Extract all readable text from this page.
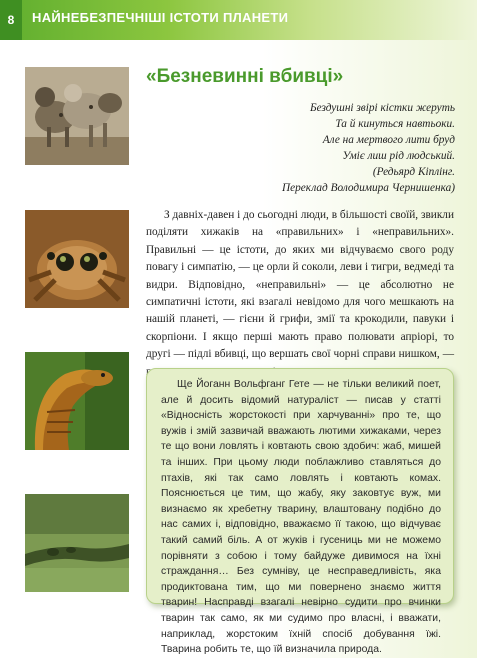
8	НАЙНЕБЕЗПЕЧНІШІ ІСТОТИ ПЛАНЕТИ
«Безневинні вбивці»
Бездушні звірі кістки жеруть
Та й кинуться навтьоки.
Але на мертвого лити бруд
Уміє лиш рід людський.
(Редьярд Кіплінг.
Переклад Володимира Чернишенка)

З давніх-давен і до сьогодні люди, в більшості своїй, звикли поділяти хижаків на «правильних» і «неправильних». Правильні — це істоти, до яких ми відчуваємо свого роду повагу і симпатію, — це орли й соколи, леви і тигри, ведмеді та видри. Відповідно, «неправильні» — це абсолютно не симпатичні істоти, які взагалі невідомо для чого мешкають на нашій планеті, — гієни й грифи, змії та крокодили, павуки і скорпіони. І якщо перші мають право полювати апріорі, то другі — підлі вбивці, що вершать свої чорні справи нишком, —

Ще Йоганн Вольфганг Гете — не тільки великий поет, але й досить відомий натураліст — писав у статті «Відносність жорстокості при харчуванні» про те, що вужів і змій зазвичай вважають лютими хижаками, через те що вони ловлять і ковтають свою здобич: жаб, мишей та інших. При цьому люди поблажливо ставляться до птахів, які так само ловлять і ковтають комах. Пояснюється це тим, що жабу, яку заковтує вуж, ми визнаємо як хребетну тварину, влаштовану подібно до нас самих і, відповідно, вважаємо її такою, що відчуває такий самий біль. А от жуків і гусениць ми не можемо порівняти з собою і тому байдуже дивимося на їхні страждання… Без сумніву, це несправедливість, яка продиктована тим, що ми повернено знаємо життя тварин! Насправді взагалі невірно судити про вчинки тварин так само, як ми судимо про власні, і вважати, наприклад, жорстоким їхній спосіб добування їжі. Тварина робить те, що їй визначила природа.
